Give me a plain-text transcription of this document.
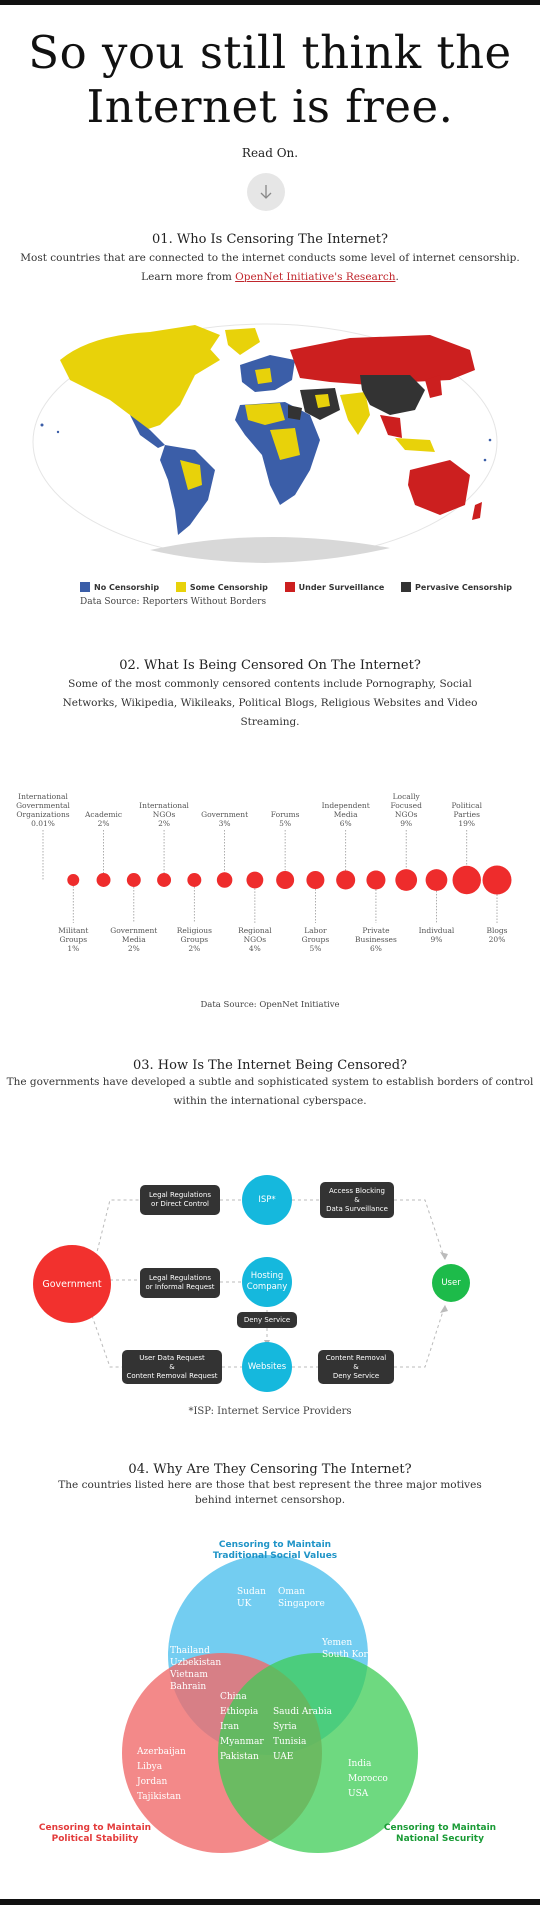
So you still think the
Internet is free.
Read On.
01. Who Is Censoring The Internet?
Most countries that are connected to the internet conducts some level of internet censorship.
Learn more from OpenNet Initiative's Research.
No Censorship
	Some Censorship
	Under Surveillance
	Pervasive Censorship
Data Source: Reporters Without Borders
02. What Is Being Censored On The Internet?
Some of the most commonly censored contents include Pornography, Social Networks, Wikipedia, Wikileaks, Political Blogs, Religious Websites and Video Streaming.
International
Governmental
Organizations
0.01%
Militant
Groups
1%
Academic
2%
Government
Media
2%
International
NGOs
2%
Religious
Groups
2%
Government
3%
Regional
NGOs
4%
Forums
5%
Labor
Groups
5%
Independent
Media
6%
Private
Businesses
6%
Locally
Focused
NGOs
9%
Indivdual
9%
Political
Parties
19%
Blogs
20%
Data Source: OpenNet Initiative
03. How Is The Internet Being Censored?
The governments have developed a subtle and sophisticated system to establish borders of control within the international cyberspace.
Government
ISP*
Hosting
Company
Websites
User
Legal Regulations
or Direct Control
Legal Regulations
or Informal Request
User Data Request
&
Content Removal Request
Access Blocking
&
Data Surveillance
Content Removal
&
Deny Service
Deny Service
*ISP: Internet Service Providers
04. Why Are They Censoring The Internet?
The countries listed here are those that best represent the three major motives behind internet censorshop.
Censoring to Maintain
Traditional Social Values
Censoring to Maintain
Political Stability
Censoring to Maintain
National Security
Sudan
UK
Oman
Singapore
Yemen
South Korea
Thailand
Uzbekistan
Vietnam
Bahrain
China
Ethiopia
Iran
Myanmar
Pakistan
Saudi Arabia
Syria
Tunisia
UAE
Azerbaijan
Libya
Jordan
Tajikistan
India
Morocco
USA
